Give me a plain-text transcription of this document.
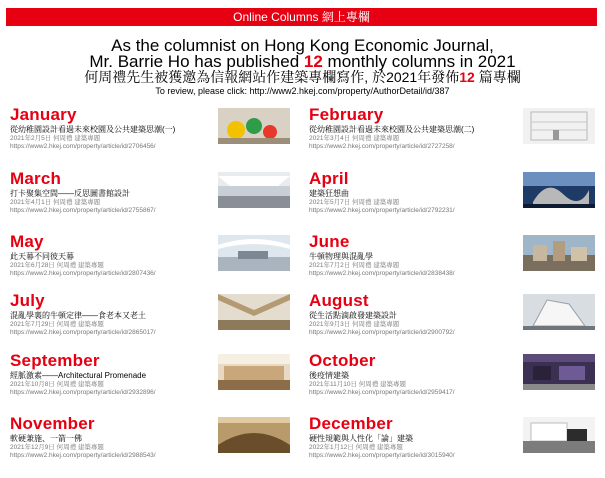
Online Columns 網上專欄
As the columnist on Hong Kong Economic Journal,
Mr. Barrie Ho has published 12 monthly columns in 2021
何周禮先生被獲邀為信報網站作建築專欄寫作, 於2021年發佈12 篇專欄
To review, please click: http://www2.hkej.com/property/AuthorDetail/id/387
January
從幼稚園設計看過未來校園及公共建築思潮(一)
2021年2月5日 何周禮 建築專題
https://www2.hkej.com/property/article/id/2706456/
February
從幼稚園設計看過未來校園及公共建築思潮(二)
2021年3月4日 何周禮 建築專題
https://www2.hkej.com/property/article/id/2727258/
March
打卡聚集空間——反思圖書館設計
2021年4月1日 何周禮 建築專題
https://www2.hkej.com/property/article/id/2755867/
April
建築狂想曲
2021年5月7日 何周禮 建築專題
https://www2.hkej.com/property/article/id/2792231/
May
此天幕不同彼天幕
2021年6月28日 何周禮 建築專題
https://www2.hkej.com/property/article/id/2807436/
June
牛頓物理與混亂學
2021年7月2日 何周禮 建築專題
https://www2.hkej.com/property/article/id/2838438/
July
混亂學裏的牛頓定律——食老本又老土
2021年7月29日 何周禮 建築專題
https://www2.hkej.com/property/article/id/2865017/
August
從生活點滴啟發建築設計
2021年9月3日 何周禮 建築專題
https://www2.hkej.com/property/article/id/2900792/
September
經脈激素——Architectural Promenade
2021年10月8日 何周禮 建築專題
https://www2.hkej.com/property/article/id/2932896/
October
後疫情建築
2021年11月10日 何周禮 建築專題
https://www2.hkej.com/property/article/id/2959417/
November
軟硬兼施、一箭一佛
2021年12月9日 何周禮 建築專題
https://www2.hkej.com/property/article/id/2988543/
December
硬性規範與人性化「論」建築
2022年1月12日 何周禮 建築專題
https://www2.hkej.com/property/article/id/3015940/
